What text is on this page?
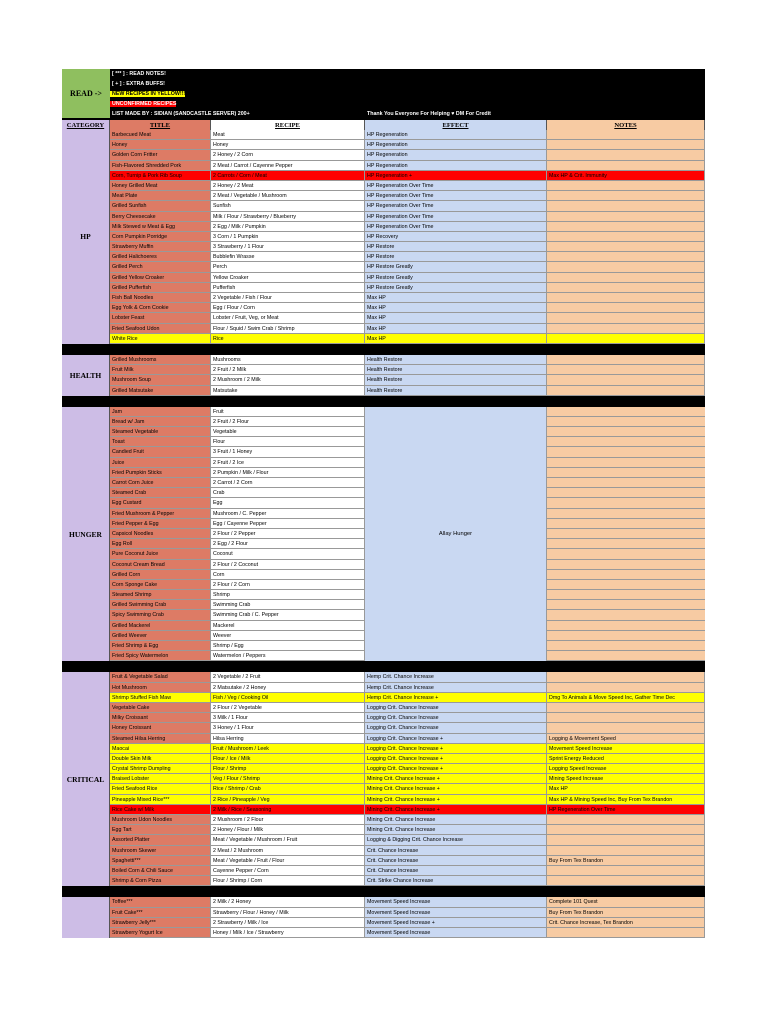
READ ->
[ *** ] : READ NOTES!
[ + ] : EXTRA BUFFS!
NEW RECIPES IN YELLOW!!!
UNCONFIRMED RECIPES
LIST MADE BY : SIDIAN (SANDCASTLE SERVER) 200+	Thank You Everyone For Helping ♥ DM For Credit
CATEGORY	TITLE	RECIPE	EFFECT	NOTES
HP
Barbecued Meat	Meat	HP Regeneration
Honey	Honey	HP Regeneration
Golden Corn Fritter	2 Honey / 2 Corn	HP Regeneration
Fish-Flavored Shredded Pork	2 Meat / Carrot / Cayenne Pepper	HP Regeneration
Corn, Turnip & Pork Rib Soup	2 Carrots / Corn / Meat	HP Regeneration +	Max HP & Crit. Immunity
Honey Grilled Meat	2 Honey / 2 Meat	HP Regeneration Over Time
Meat Plate	2 Meat / Vegetable / Mushroom	HP Regeneration Over Time
Grilled Sunfish	Sunfish	HP Regeneration Over Time
Berry Cheesecake	Milk / Flour / Strawberry / Blueberry	HP Regeneration Over Time
Milk Stewed w Meat & Egg	2 Egg / Milk / Pumpkin	HP Regeneration Over Time
Corn Pumpkin Porridge	3 Corn / 1 Pumpkin	HP Recovery
Strawberry Muffin	3 Strawberry / 1 Flour	HP Restore
Grilled Halichoeres	Bubblefin Wrasse	HP Restore
Grilled Perch	Perch	HP Restore Greatly
Grilled Yellow Croaker	Yellow Croaker	HP Restore Greatly
Grilled Pufferfish	Pufferfish	HP Restore Greatly
Fish Ball Noodles	2 Vegetable / Fish / Flour	Max HP
Egg Yolk & Corn Cookie	Egg / Flour / Corn	Max HP
Lobster Feast	Lobster / Fruit, Veg, or Meat	Max HP
Fried Seafood Udon	Flour / Squid / Swim Crab / Shrimp	Max HP
White Rice	Rice	Max HP
HEALTH
Grilled Mushrooms	Mushrooms	Health Restore
Fruit Milk	2 Fruit / 2 Milk	Health Restore
Mushroom Soup	2 Mushroom / 2 Milk	Health Restore
Grilled Matsutake	Matsutake	Health Restore
HUNGER
Jam	Fruit
Bread w/ Jam	2 Fruit / 2 Flour
Steamed Vegetable	Vegetable
Toast	Flour
Candied Fruit	3 Fruit / 1 Honey
Juice	2 Fruit / 2 Ice
Fried Pumpkin Sticks	2 Pumpkin / Milk / Flour
Carrot Corn Juice	2 Carrot / 2 Corn
Steamed Crab	Crab
Egg Custard	Egg
Fried Mushroom & Pepper	Mushroom / C. Pepper
Fried Pepper & Egg	Egg / Cayenne Pepper
Capsicol Noodles	2 Flour / 2 Pepper
Egg Roll	2 Egg / 2 Flour
Pure Coconut Juice	Coconut
Coconut Cream Bread	2 Flour / 2 Coconut
Grilled Corn	Corn
Corn Sponge Cake	2 Flour / 2 Corn
Steamed Shrimp	Shrimp
Grilled Swimming Crab	Swimming Crab
Spicy Swimming Crab	Swimming Crab / C. Pepper
Grilled Mackerel	Mackerel
Grilled Weever	Weever
Fried Shrimp & Egg	Shrimp / Egg
Fried Spicy Watermelon	Watermelon / Peppers
Allay Hunger
CRITICAL
Fruit & Vegetable Salad	2 Vegetable / 2 Fruit	Hemp Crit. Chance Increase
Hot Mushroom	2 Matsutake / 2 Honey	Hemp Crit. Chance Increase
Shrimp Stuffed Fish Maw	Fish / Veg / Cooking Oil	Hemp Crit. Chance Increase +	Dmg To Animals & Move Speed Inc, Gather Time Dec
Vegetable Cake	2 Flour / 2 Vegetable	Logging Crit. Chance Increase
Milky Croissant	3 Milk / 1 Flour	Logging Crit. Chance Increase
Honey Croissant	3 Honey / 1 Flour	Logging Crit. Chance Increase
Steamed Hilsa Herring	Hilsa Herring	Logging Crit. Chance Increase +	Logging & Movement Speed
Maocai	Fruit / Mushroom / Leek	Logging Crit. Chance Increase +	Movement Speed Increase
Double Skin Milk	Flour / Ice / Milk	Logging Crit. Chance Increase +	Sprint Energy Reduced
Crystal Shrimp Dumpling	Flour / Shrimp	Logging Crit. Chance Increase +	Logging Speed Increase
Braised Lobster	Veg / Flour / Shrimp	Mining Crit. Chance Increase +	Mining Speed Increase
Fried Seafood Rice	Rice / Shrimp / Crab	Mining Crit. Chance Increase +	Max HP
Pineapple Mixed Rice***	2 Rice / Pineapple / Veg	Mining Crit. Chance Increase +	Max HP & Mining Speed Inc, Buy From Tex Brandon
Rice Cake w/ Milk	2 Milk / Rice / Seasoning	Mining Crit. Chance Increase +	HP Regeneration Over Time
Mushroom Udon Noodles	2 Mushroom / 2 Flour	Mining Crit. Chance Increase
Egg Tart	2 Honey / Flour / Milk	Mining Crit. Chance Increase
Assorted Platter	Meat / Vegetable / Mushroom / Fruit	Logging & Digging Crit. Chance Increase
Mushroom Skewer	2 Meat / 2 Mushroom	Crit. Chance Increase
Spaghetti***	Meat / Vegetable / Fruit / Flour	Crit. Chance Increase	Buy From Tex Brandon
Boiled Corn & Chili Sauce	Cayenne Pepper / Corn	Crit. Chance Increase
Shrimp & Corn Pizza	Flour / Shrimp / Corn	Crit. Strike Chance Increase
Toffee***	2 Milk / 2 Honey	Movement Speed Increase	Complete 101 Quest
Fruit Cake***	Strawberry / Flour / Honey / Milk	Movement Speed Increase	Buy From Tex Brandon
Strawberry Jelly***	2 Strawberry / Milk / Ice	Movement Speed Increase +	Crit. Chance Increase, Tex Brandon
Strawberry Yogurt Ice	Honey / Milk / Ice / Strawberry	Movement Speed Increase
